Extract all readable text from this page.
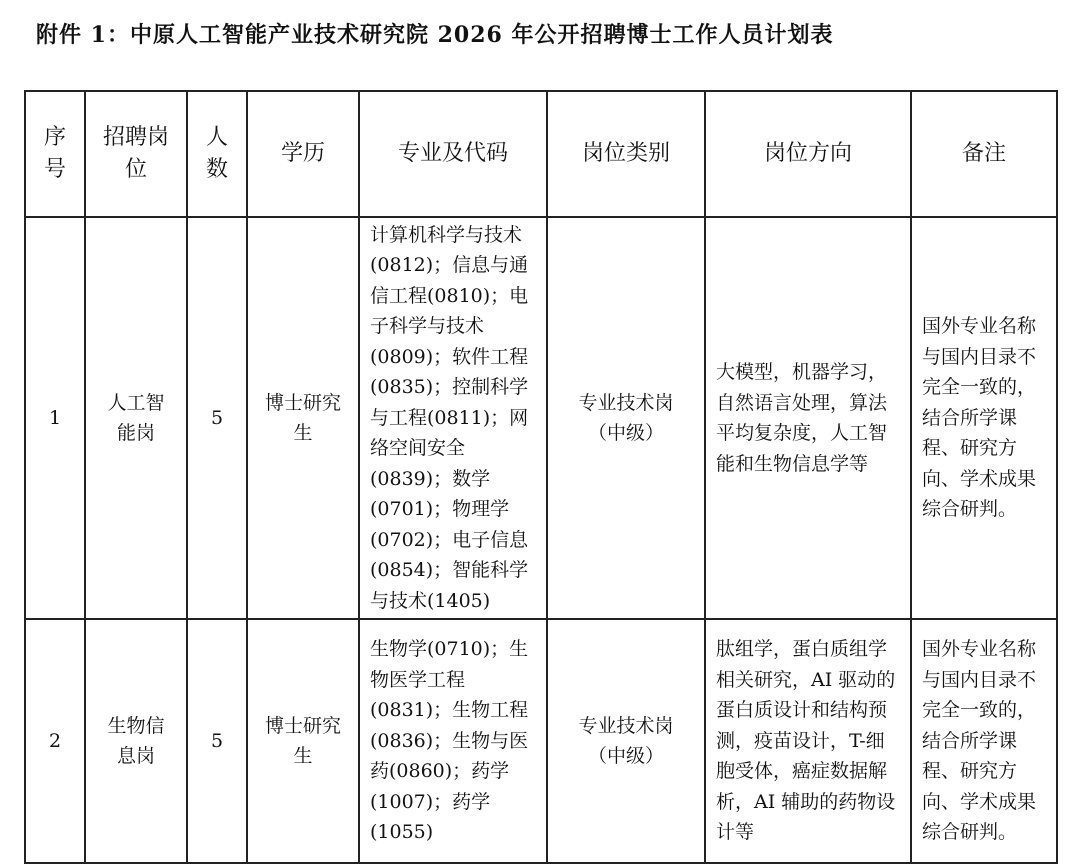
附件 1：中原人工智能产业技术研究院 2026 年公开招聘博士工作人员计划表
序号	招聘岗位	人数	学历	专业及代码	岗位类别	岗位方向	备注
1	人工智能岗	5	博士研究生	计算机科学与技术(0812)；信息与通信工程(0810)；电子科学与技术(0809)；软件工程(0835)；控制科学与工程(0811)；网络空间安全(0839)；数学(0701)；物理学(0702)；电子信息(0854)；智能科学与技术(1405)	专业技术岗（中级）	大模型，机器学习，自然语言处理，算法平均复杂度，人工智能和生物信息学等	国外专业名称与国内目录不完全一致的，结合所学课程、研究方向、学术成果综合研判。
2	生物信息岗	5	博士研究生	生物学(0710)；生物医学工程(0831)；生物工程(0836)；生物与医药(0860)；药学(1007)；药学(1055)	专业技术岗（中级）	肽组学，蛋白质组学相关研究，AI 驱动的蛋白质设计和结构预测，疫苗设计，T-细胞受体，癌症数据解析，AI 辅助的药物设计等	国外专业名称与国内目录不完全一致的，结合所学课程、研究方向、学术成果综合研判。
